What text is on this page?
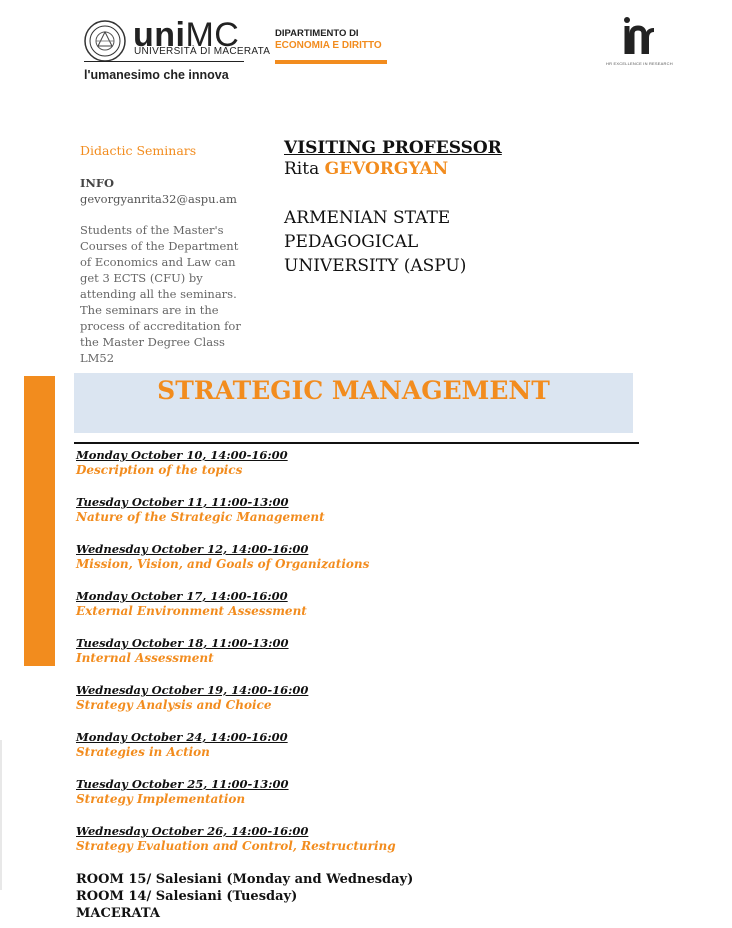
uniMC
UNIVERSITÀ DI MACERATA
l'umanesimo che innova
DIPARTIMENTO DI
ECONOMIA E DIRITTO
HR EXCELLENCE IN RESEARCH

Didactic Seminars

INFO

gevorgyanrita32@aspu.am

Students of the Master's Courses of the Department of Economics and Law can get 3 ECTS (CFU) by attending all the seminars. The seminars are in the process of accreditation for the Master Degree Class LM52

VISITING PROFESSOR
Rita GEVORGYAN
ARMENIAN STATE PEDAGOGICAL UNIVERSITY (ASPU)
STRATEGIC MANAGEMENT
Monday October 10, 14:00-16:00
Description of the topics
Tuesday October 11, 11:00-13:00
Nature of the Strategic Management
Wednesday October 12, 14:00-16:00
Mission, Vision, and Goals of Organizations
Monday October 17, 14:00-16:00
External Environment Assessment
Tuesday October 18, 11:00-13:00
Internal Assessment
Wednesday October 19, 14:00-16:00
Strategy Analysis and Choice
Monday October 24, 14:00-16:00
Strategies in Action
Tuesday October 25, 11:00-13:00
Strategy Implementation
Wednesday October 26, 14:00-16:00
Strategy Evaluation and Control, Restructuring
ROOM 15/ Salesiani (Monday and Wednesday)
ROOM 14/ Salesiani (Tuesday)
MACERATA
